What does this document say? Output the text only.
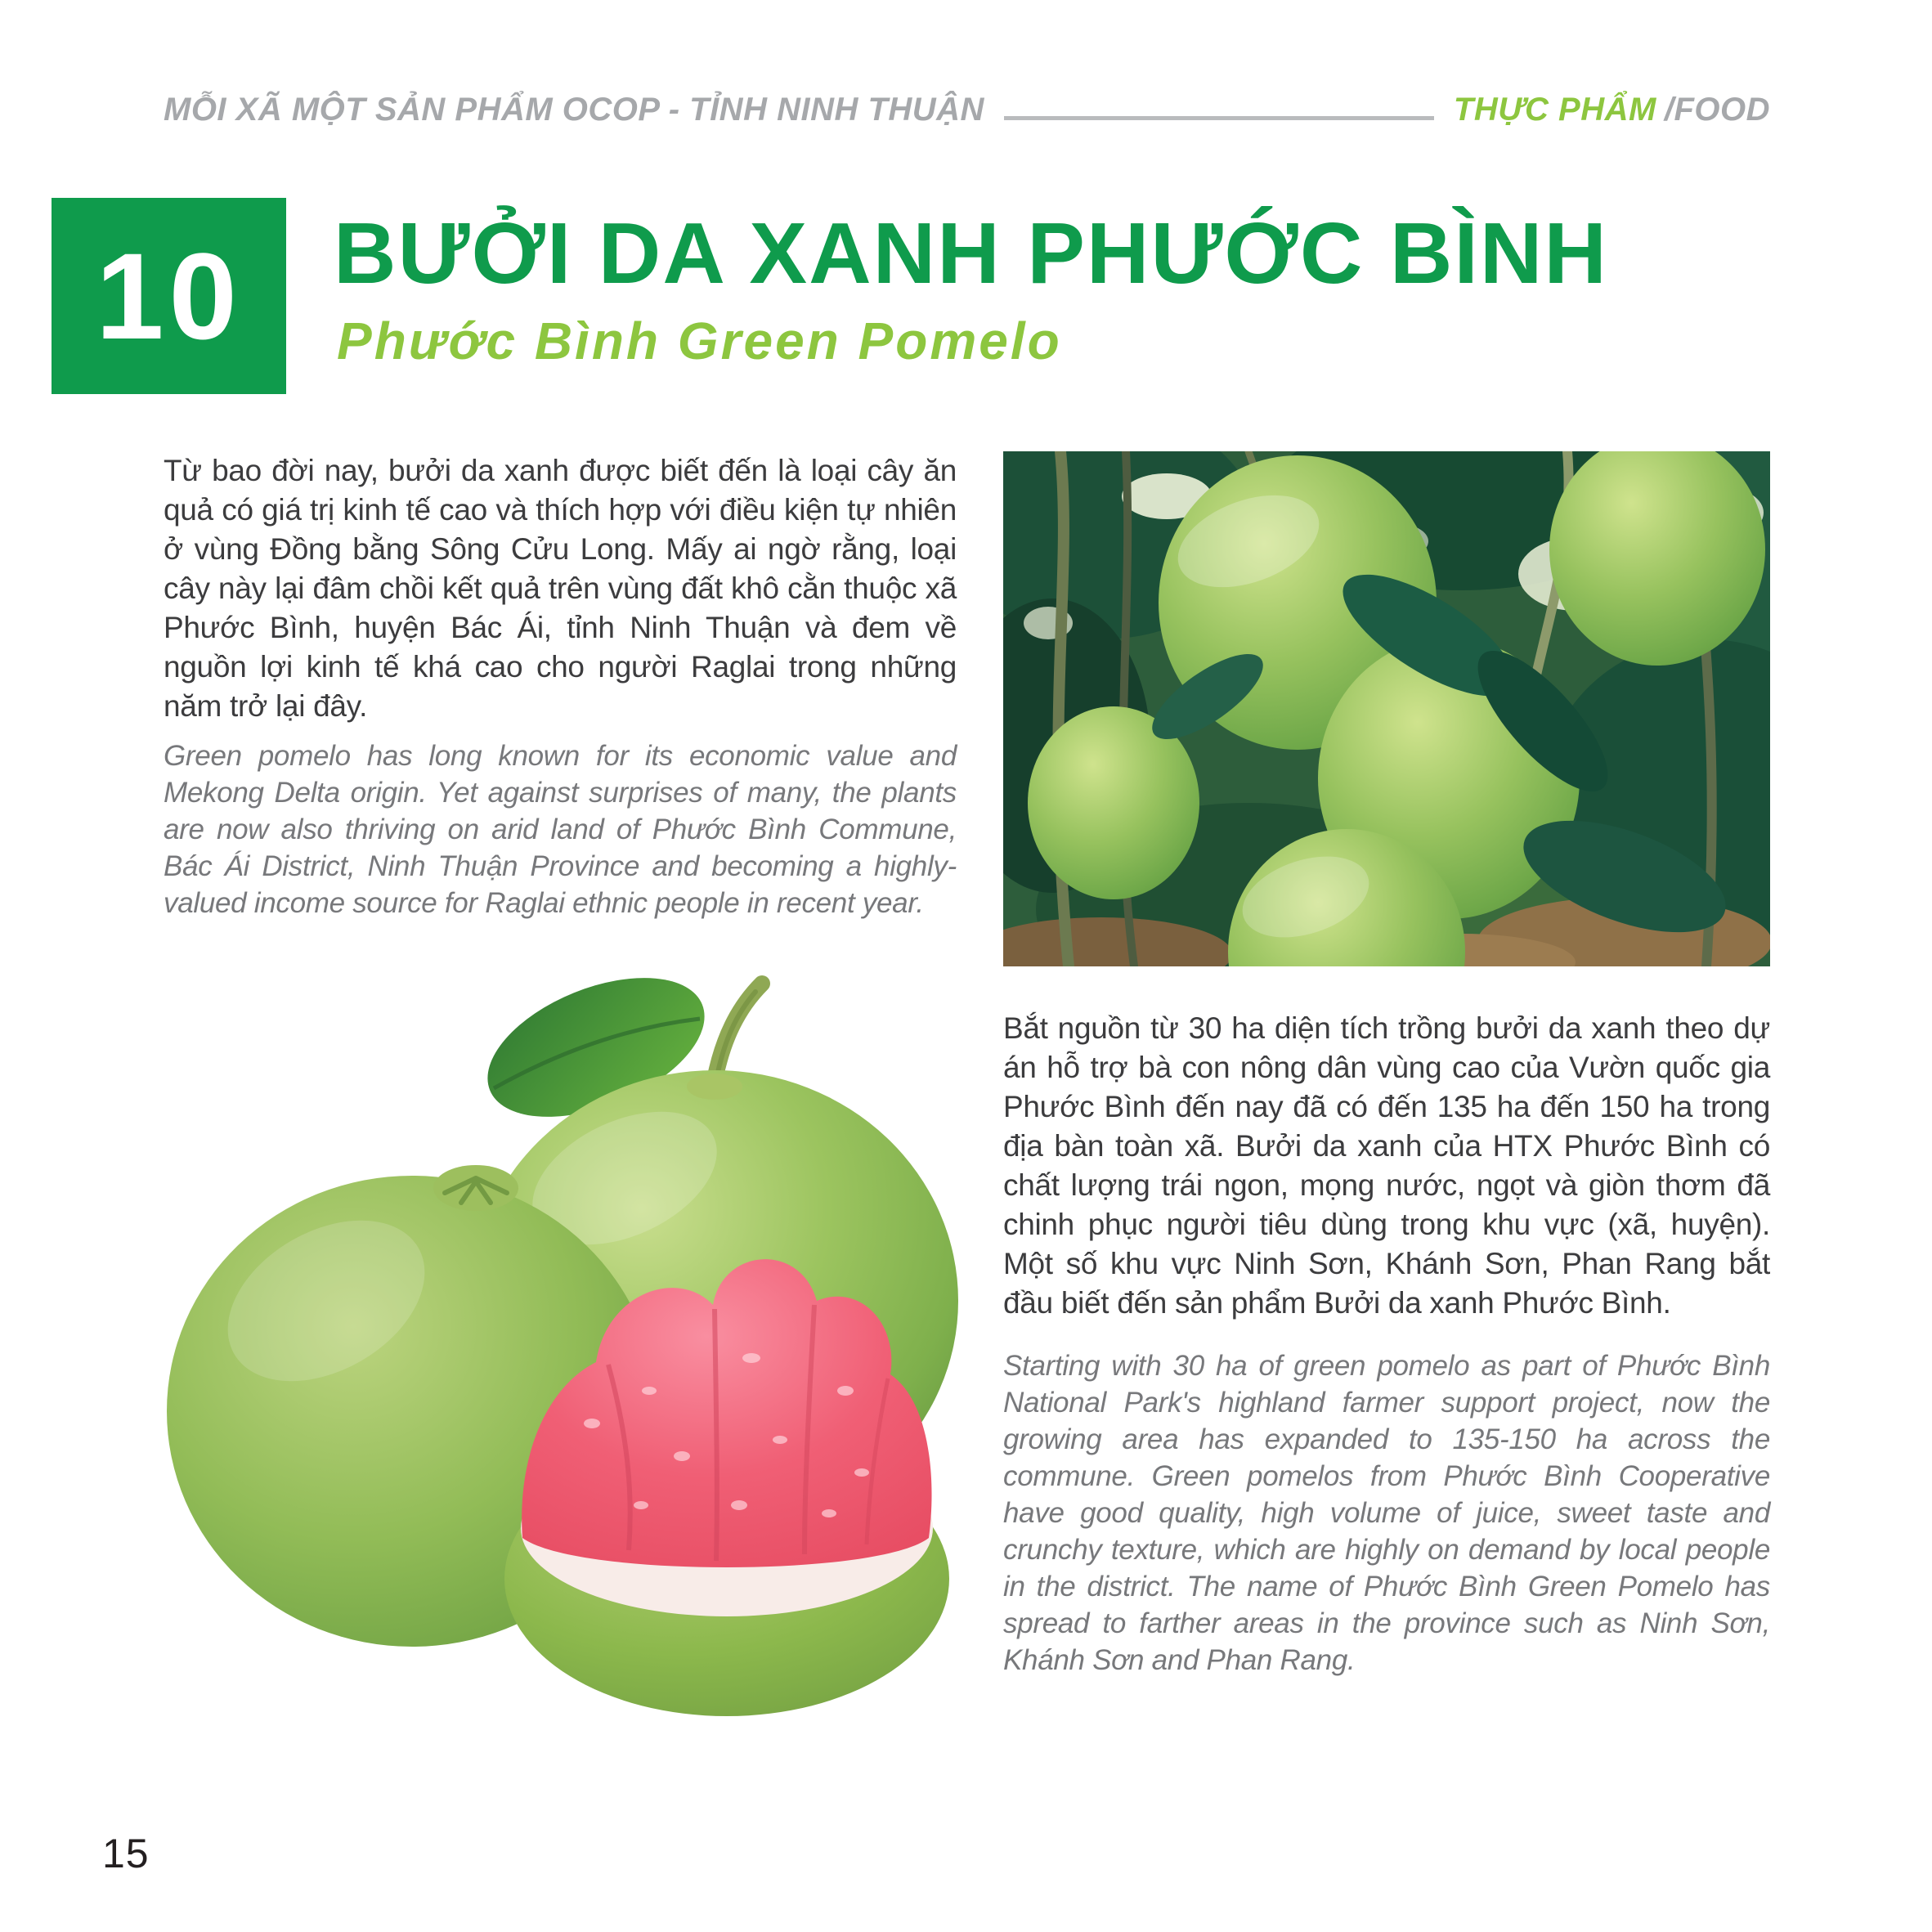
MỖI XÃ MỘT SẢN PHẨM OCOP - TỈNH NINH THUẬN	THỰC PHẨM /FOOD
10 BƯỞI DA XANH PHƯỚC BÌNH
Phước Bình Green Pomelo

Từ bao đời nay, bưởi da xanh được biết đến là loại cây ăn quả có giá trị kinh tế cao và thích hợp với điều kiện tự nhiên ở vùng Đồng bằng Sông Cửu Long. Mấy ai ngờ rằng, loại cây này lại đâm chồi kết quả trên vùng đất khô cằn thuộc xã Phước Bình, huyện Bác Ái, tỉnh Ninh Thuận và đem về nguồn lợi kinh tế khá cao cho người Raglai trong những năm trở lại đây.

Green pomelo has long known for its economic value and Mekong Delta origin. Yet against surprises of many, the plants are now also thriving on arid land of Phước Bình Commune, Bác Ái District, Ninh Thuận Province and becoming a highly-valued income source for Raglai ethnic people in recent year.

Bắt nguồn từ 30 ha diện tích trồng bưởi da xanh theo dự án hỗ trợ bà con nông dân vùng cao của Vườn quốc gia Phước Bình đến nay đã có đến 135 ha đến 150 ha trong địa bàn toàn xã. Bưởi da xanh của HTX Phước Bình có chất lượng trái ngon, mọng nước, ngọt và giòn thơm đã chinh phục người tiêu dùng trong khu vực (xã, huyện). Một số khu vực Ninh Sơn, Khánh Sơn, Phan Rang bắt đầu biết đến sản phẩm Bưởi da xanh Phước Bình.

Starting with 30 ha of green pomelo as part of Phước Bình National Park's highland farmer support project, now the growing area has expanded to 135-150 ha across the commune. Green pomelos from Phước Bình Cooperative have good quality, high volume of juice, sweet taste and crunchy texture, which are highly on demand by local people in the district. The name of Phước Bình Green Pomelo has spread to farther areas in the province such as Ninh Sơn, Khánh Sơn and Phan Rang.

15
